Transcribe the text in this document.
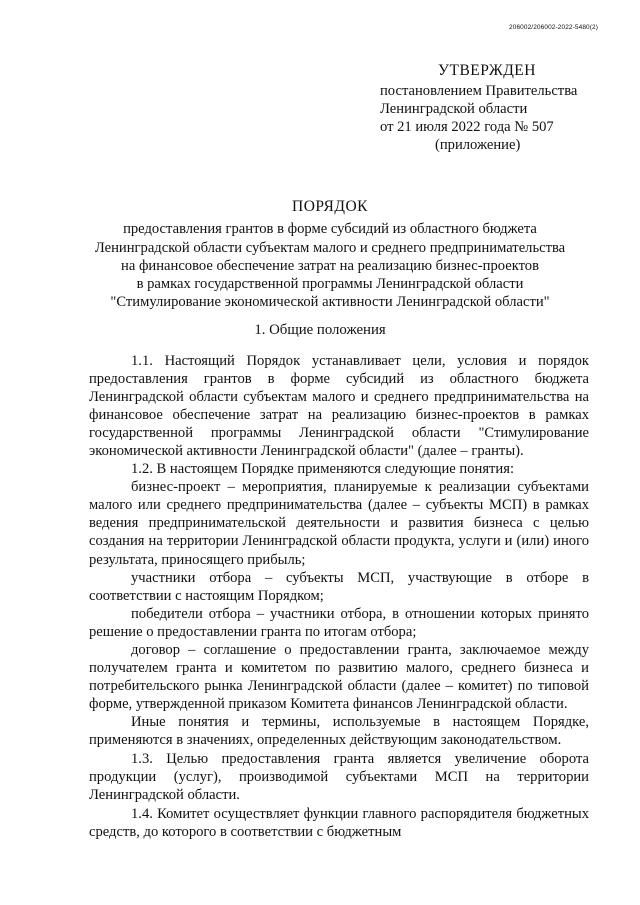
206002/206002-2022-5480(2)
УТВЕРЖДЕН
постановлением Правительства
Ленинградской области
от 21 июля 2022 года № 507
(приложение)
ПОРЯДОК
предоставления грантов в форме субсидий из областного бюджета
Ленинградской области субъектам малого и среднего предпринимательства
на финансовое обеспечение затрат на реализацию бизнес-проектов
в рамках государственной программы Ленинградской области
"Стимулирование экономической активности Ленинградской области"
1. Общие положения

1.1. Настоящий Порядок устанавливает цели, условия и порядок предоставления грантов в форме субсидий из областного бюджета Ленинградской области субъектам малого и среднего предпринимательства на финансовое обеспечение затрат на реализацию бизнес-проектов в рамках государственной программы Ленинградской области "Стимулирование экономической активности Ленинградской области" (далее – гранты).

1.2. В настоящем Порядке применяются следующие понятия:

бизнес-проект – мероприятия, планируемые к реализации субъектами малого или среднего предпринимательства (далее – субъекты МСП) в рамках ведения предпринимательской деятельности и развития бизнеса с целью создания на территории Ленинградской области продукта, услуги и (или) иного результата, приносящего прибыль;

участники отбора – субъекты МСП, участвующие в отборе в соответствии с настоящим Порядком;

победители отбора – участники отбора, в отношении которых принято решение о предоставлении гранта по итогам отбора;

договор – соглашение о предоставлении гранта, заключаемое между получателем гранта и комитетом по развитию малого, среднего бизнеса и потребительского рынка Ленинградской области (далее – комитет) по типовой форме, утвержденной приказом Комитета финансов Ленинградской области.

Иные понятия и термины, используемые в настоящем Порядке, применяются в значениях, определенных действующим законодательством.

1.3. Целью предоставления гранта является увеличение оборота продукции (услуг), производимой субъектами МСП на территории Ленинградской области.

1.4. Комитет осуществляет функции главного распорядителя бюджетных средств, до которого в соответствии с бюджетным
